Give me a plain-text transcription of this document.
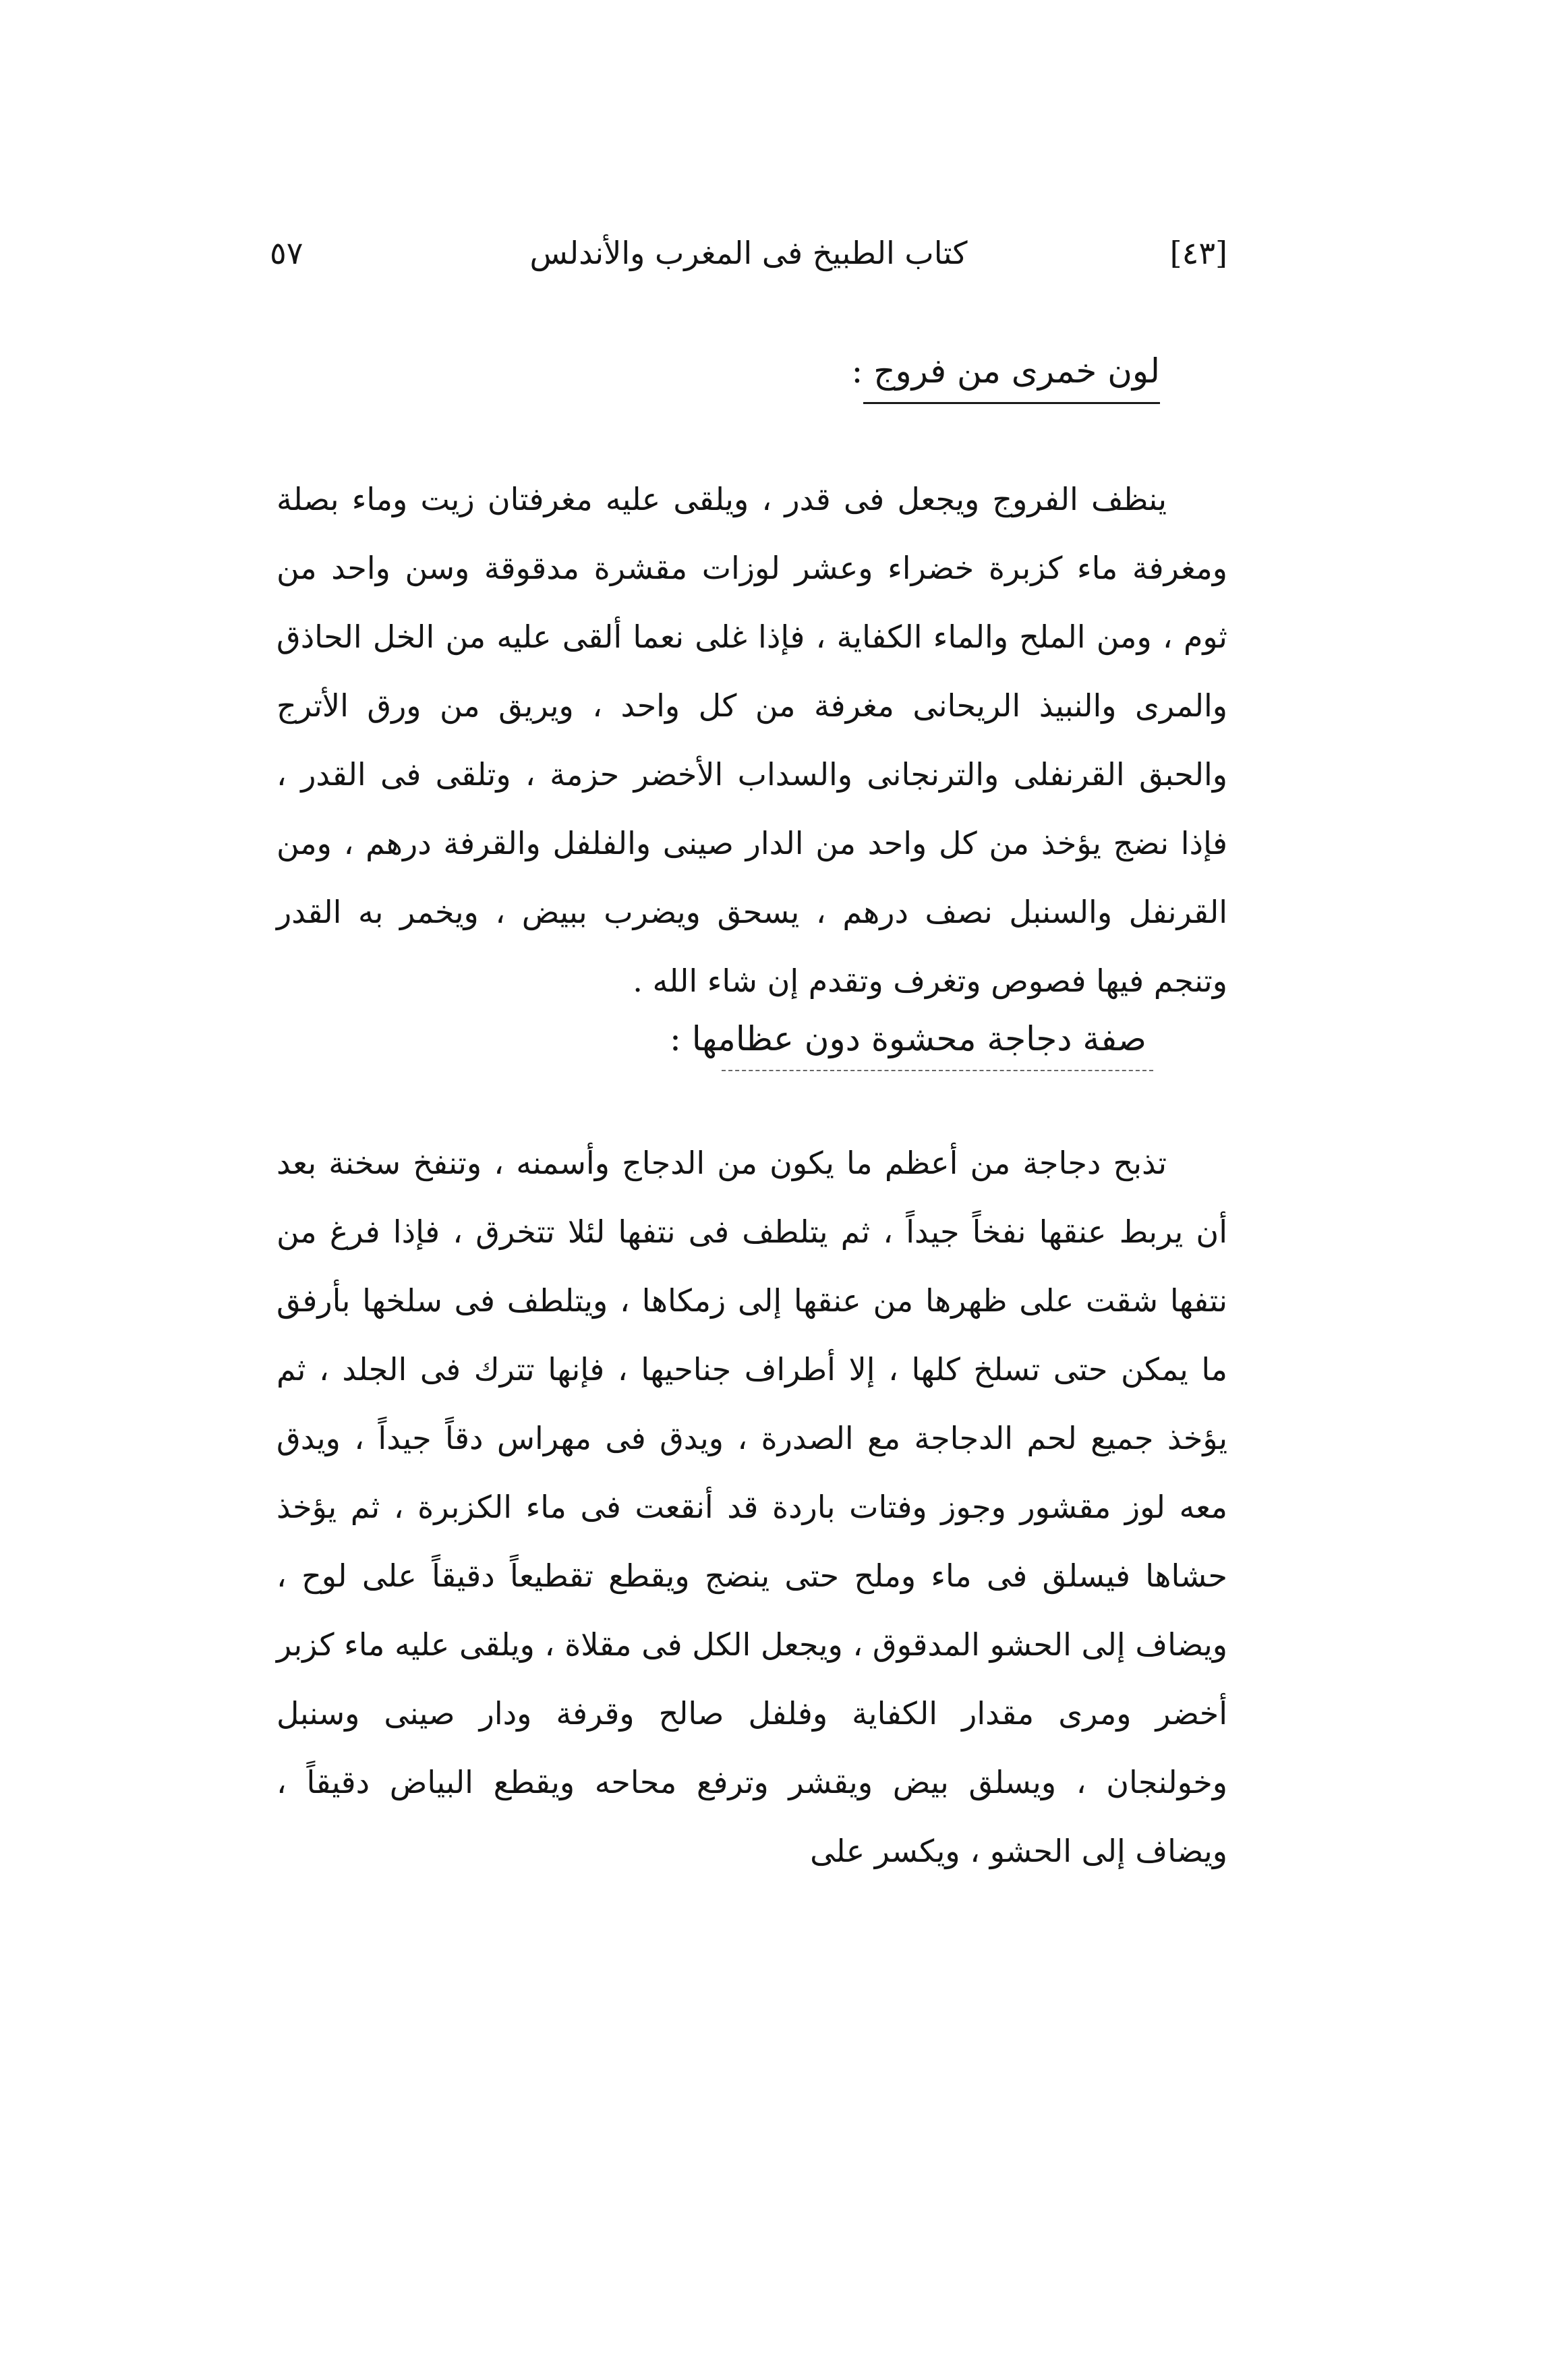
[٤٣]
كتاب الطبيخ فى المغرب والأندلس
٥٧
لون خمرى من فروج :

ينظف الفروج ويجعل فى قدر ، ويلقى عليه مغرفتان زيت وماء بصلة ومغرفة ماء كزبرة خضراء وعشر لوزات مقشرة مدقوقة وسن واحد من ثوم ، ومن الملح والماء الكفاية ، فإذا غلى نعما ألقى عليه من الخل الحاذق والمرى والنبيذ الريحانى مغرفة من كل واحد ، ويريق من ورق الأترج والحبق القرنفلى والترنجانى والسداب الأخضر حزمة ، وتلقى فى القدر ، فإذا نضج يؤخذ من كل واحد من الدار صينى والفلفل والقرفة درهم ، ومن القرنفل والسنبل نصف درهم ، يسحق ويضرب ببيض ، ويخمر به القدر وتنجم فيها فصوص وتغرف وتقدم إن شاء الله .

صفة دجاجة محشوة دون عظامها :

تذبح دجاجة من أعظم ما يكون من الدجاج وأسمنه ، وتنفخ سخنة بعد أن يربط عنقها نفخاً جيداً ، ثم يتلطف فى نتفها لئلا تتخرق ، فإذا فرغ من نتفها شقت على ظهرها من عنقها إلى زمكاها ، ويتلطف فى سلخها بأرفق ما يمكن حتى تسلخ كلها ، إلا أطراف جناحيها ، فإنها تترك فى الجلد ، ثم يؤخذ جميع لحم الدجاجة مع الصدرة ، ويدق فى مهراس دقاً جيداً ، ويدق معه لوز مقشور وجوز وفتات باردة قد أنقعت فى ماء الكزبرة ، ثم يؤخذ حشاها فيسلق فى ماء وملح حتى ينضج ويقطع تقطيعاً دقيقاً على لوح ، ويضاف إلى الحشو المدقوق ، ويجعل الكل فى مقلاة ، ويلقى عليه ماء كزبر أخضر ومرى مقدار الكفاية وفلفل صالح وقرفة ودار صينى وسنبل وخولنجان ، ويسلق بيض ويقشر وترفع محاحه ويقطع البياض دقيقاً ، ويضاف إلى الحشو ، ويكسر على
